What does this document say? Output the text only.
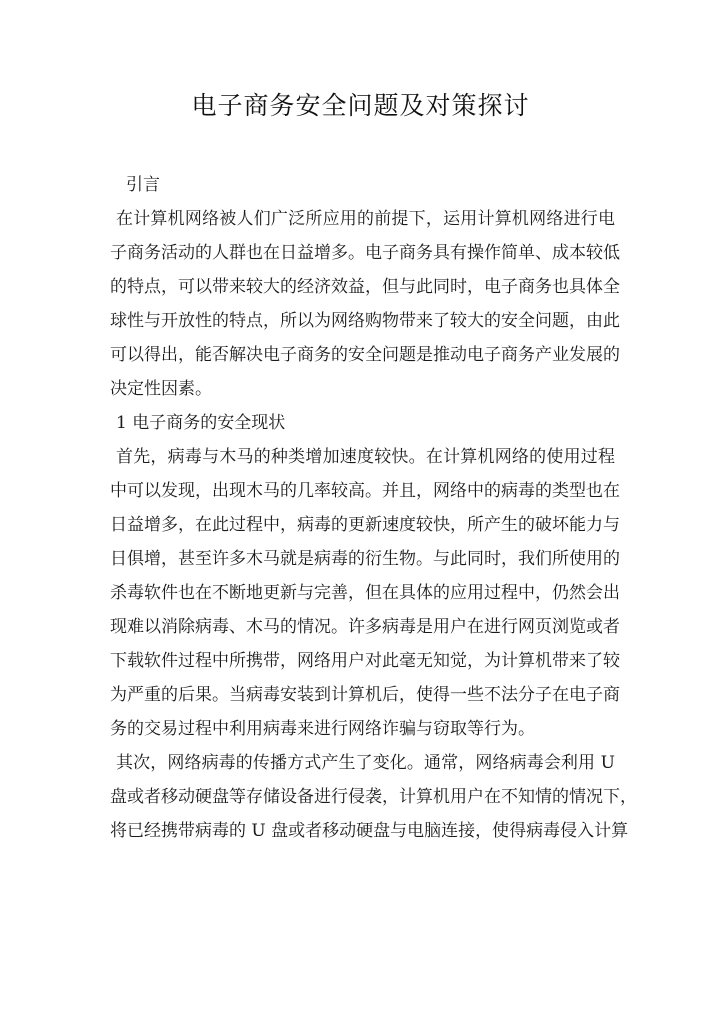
电子商务安全问题及对策探讨
引言
在计算机网络被人们广泛所应用的前提下，运用计算机网络进行电
子商务活动的人群也在日益增多。电子商务具有操作简单、成本较低
的特点，可以带来较大的经济效益，但与此同时，电子商务也具体全
球性与开放性的特点，所以为网络购物带来了较大的安全问题，由此
可以得出，能否解决电子商务的安全问题是推动电子商务产业发展的
决定性因素。
1 电子商务的安全现状
首先，病毒与木马的种类增加速度较快。在计算机网络的使用过程
中可以发现，出现木马的几率较高。并且，网络中的病毒的类型也在
日益增多，在此过程中，病毒的更新速度较快，所产生的破坏能力与
日俱增，甚至许多木马就是病毒的衍生物。与此同时，我们所使用的
杀毒软件也在不断地更新与完善，但在具体的应用过程中，仍然会出
现难以消除病毒、木马的情况。许多病毒是用户在进行网页浏览或者
下载软件过程中所携带，网络用户对此毫无知觉，为计算机带来了较
为严重的后果。当病毒安装到计算机后，使得一些不法分子在电子商
务的交易过程中利用病毒来进行网络诈骗与窃取等行为。
其次，网络病毒的传播方式产生了变化。通常，网络病毒会利用 U
盘或者移动硬盘等存储设备进行侵袭，计算机用户在不知情的情况下，
将已经携带病毒的 U 盘或者移动硬盘与电脑连接，使得病毒侵入计算
